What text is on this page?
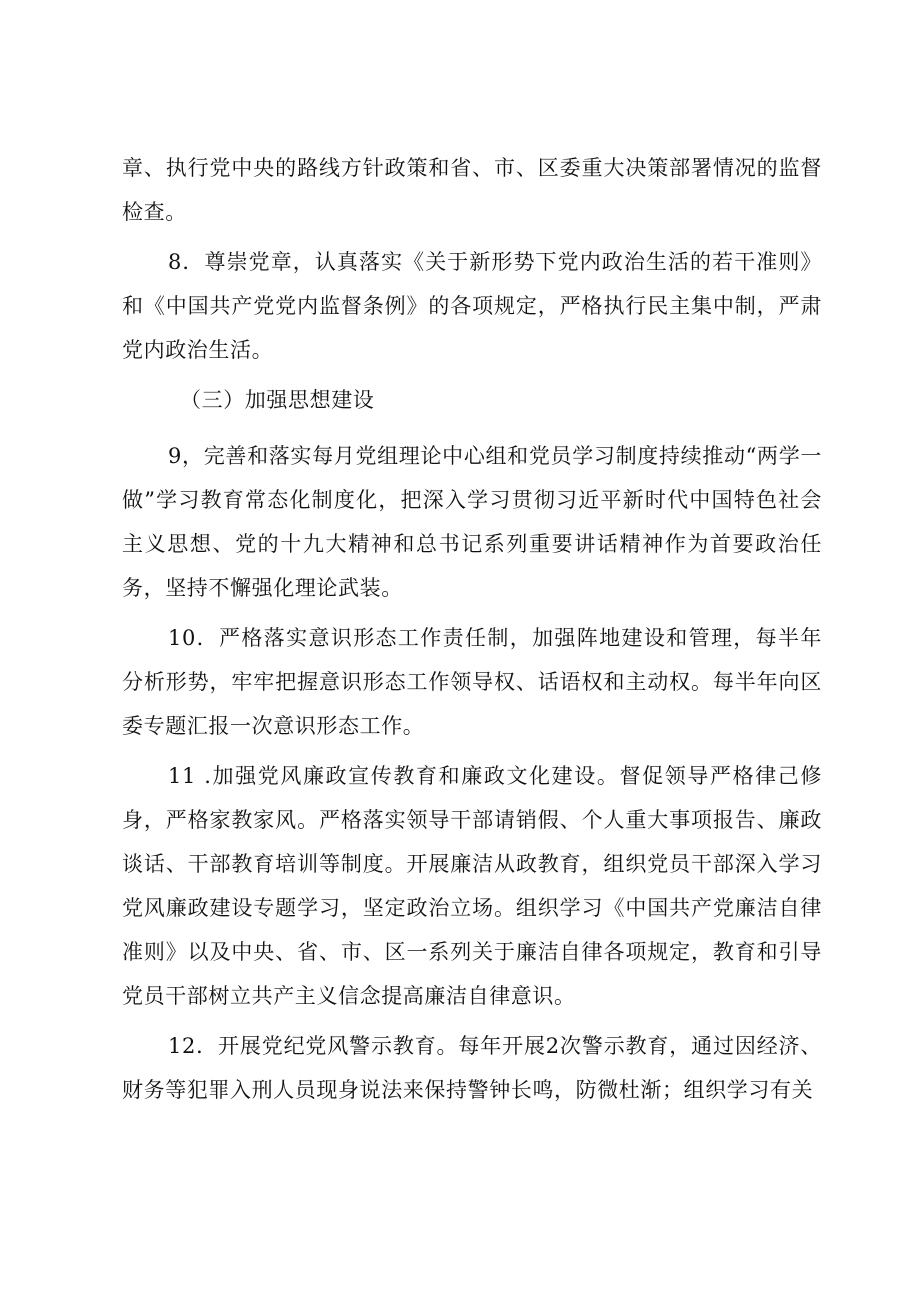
章、执行党中央的路线方针政策和省、市、区委重大决策部署情况的监督检查。

8．尊崇党章，认真落实《关于新形势下党内政治生活的若干准则》和《中国共产党党内监督条例》的各项规定，严格执行民主集中制，严肃党内政治生活。

（三）加强思想建设

9，完善和落实每月党组理论中心组和党员学习制度持续推动“两学一做”学习教育常态化制度化，把深入学习贯彻习近平新时代中国特色社会主义思想、党的十九大精神和总书记系列重要讲话精神作为首要政治任务，坚持不懈强化理论武装。

10．严格落实意识形态工作责任制，加强阵地建设和管理，每半年分析形势，牢牢把握意识形态工作领导权、话语权和主动权。每半年向区委专题汇报一次意识形态工作。

11 .加强党风廉政宣传教育和廉政文化建设。督促领导严格律己修身，严格家教家风。严格落实领导干部请销假、个人重大事项报告、廉政谈话、干部教育培训等制度。开展廉洁从政教育，组织党员干部深入学习党风廉政建设专题学习，坚定政治立场。组织学习《中国共产党廉洁自律准则》以及中央、省、市、区一系列关于廉洁自律各项规定，教育和引导党员干部树立共产主义信念提高廉洁自律意识。

12．开展党纪党风警示教育。每年开展2次警示教育，通过因经济、财务等犯罪入刑人员现身说法来保持警钟长鸣，防微杜渐；组织学习有关
